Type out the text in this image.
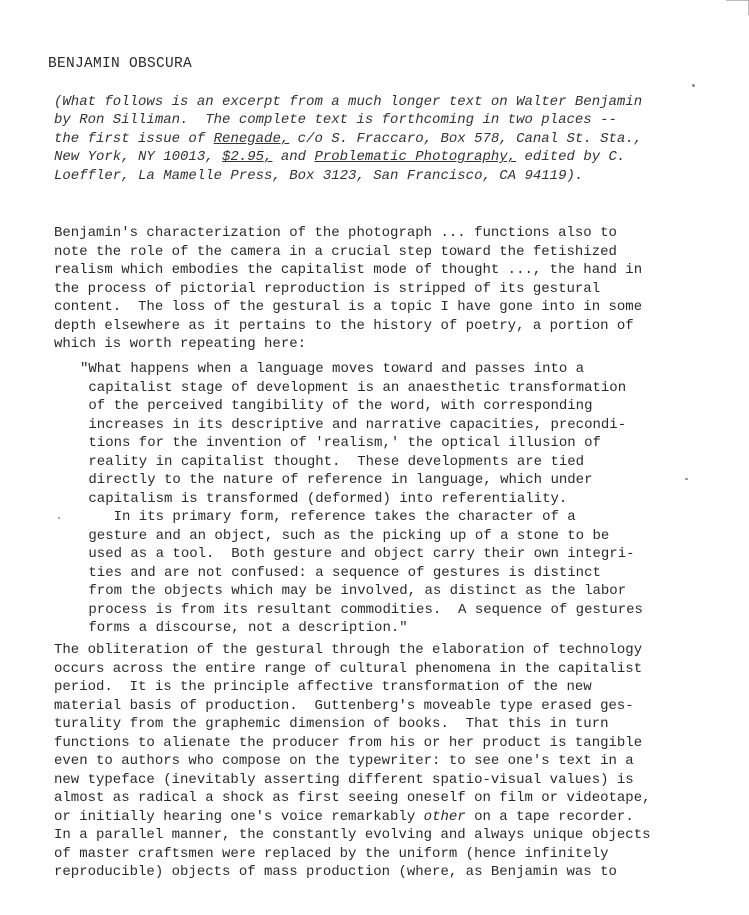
BENJAMIN OBSCURA
(What follows is an excerpt from a much longer text on Walter Benjamin
by Ron Silliman.  The complete text is forthcoming in two places --
the first issue of Renegade, c/o S. Fraccaro, Box 578, Canal St. Sta.,
New York, NY 10013, $2.95, and Problematic Photography, edited by C.
Loeffler, La Mamelle Press, Box 3123, San Francisco, CA 94119).
Benjamin's characterization of the photograph ... functions also to
note the role of the camera in a crucial step toward the fetishized
realism which embodies the capitalist mode of thought ..., the hand in
the process of pictorial reproduction is stripped of its gestural
content.  The loss of the gestural is a topic I have gone into in some
depth elsewhere as it pertains to the history of poetry, a portion of
which is worth repeating here:
"What happens when a language moves toward and passes into a
capitalist stage of development is an anaesthetic transformation
of the perceived tangibility of the word, with corresponding
increases in its descriptive and narrative capacities, precondi-
tions for the invention of 'realism,' the optical illusion of
reality in capitalist thought.  These developments are tied
directly to the nature of reference in language, which under
capitalism is transformed (deformed) into referentiality.
In its primary form, reference takes the character of a
gesture and an object, such as the picking up of a stone to be
used as a tool.  Both gesture and object carry their own integri-
ties and are not confused: a sequence of gestures is distinct
from the objects which may be involved, as distinct as the labor
process is from its resultant commodities.  A sequence of gestures
forms a discourse, not a description."
The obliteration of the gestural through the elaboration of technology
occurs across the entire range of cultural phenomena in the capitalist
period.  It is the principle affective transformation of the new
material basis of production.  Guttenberg's moveable type erased ges-
turality from the graphemic dimension of books.  That this in turn
functions to alienate the producer from his or her product is tangible
even to authors who compose on the typewriter: to see one's text in a
new typeface (inevitably asserting different spatio-visual values) is
almost as radical a shock as first seeing oneself on film or videotape,
or initially hearing one's voice remarkably other on a tape recorder.
In a parallel manner, the constantly evolving and always unique objects
of master craftsmen were replaced by the uniform (hence infinitely
reproducible) objects of mass production (where, as Benjamin was to
